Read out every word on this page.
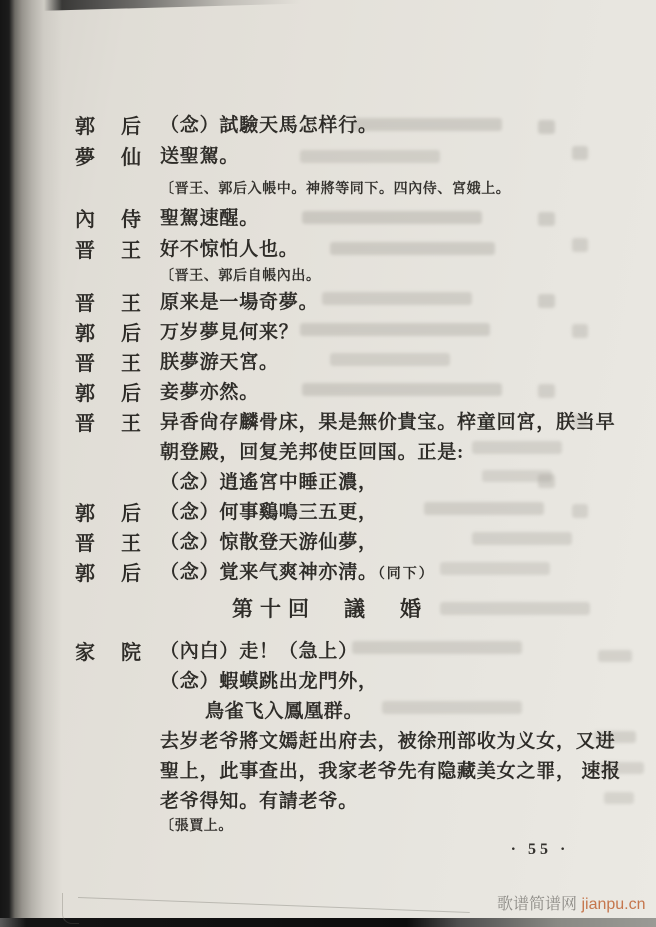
郭 后 （念）試驗天馬怎样行。
夢 仙 送聖駕。
〔晋王、郭后入帳中。神將等同下。四內侍、宮娥上。
內 侍 聖駕速醒。
晋 王 好不惊怕人也。
〔晋王、郭后自帳內出。
晋 王 原来是一場奇夢。
郭 后 万岁夢見何来？
晋 王 朕夢游天宮。
郭 后 妾夢亦然。
晋 王 异香尙存麟骨床，果是無价貴宝。梓童回宮，朕当早
朝登殿，回复羌邦使臣回国。正是:
（念）逍遙宮中睡正濃，
郭 后 （念）何事鷄鳴三五更，
晋 王 （念）惊散登天游仙夢，
郭 后 （念）覚来气爽神亦淸。（同下）
第十回　議　婚
家 院 （內白）走！（急上）
（念）蝦蟆跳出龙門外，
鳥雀飞入鳳凰群。
去岁老爷將文嫣赶出府去，被徐刑部收为义女，又进
聖上，此事查出，我家老爷先有隐藏美女之罪， 速报
老爷得知。有請老爷。
〔張賈上。
· 55 ·
歌谱简谱网 jianpu.cn
